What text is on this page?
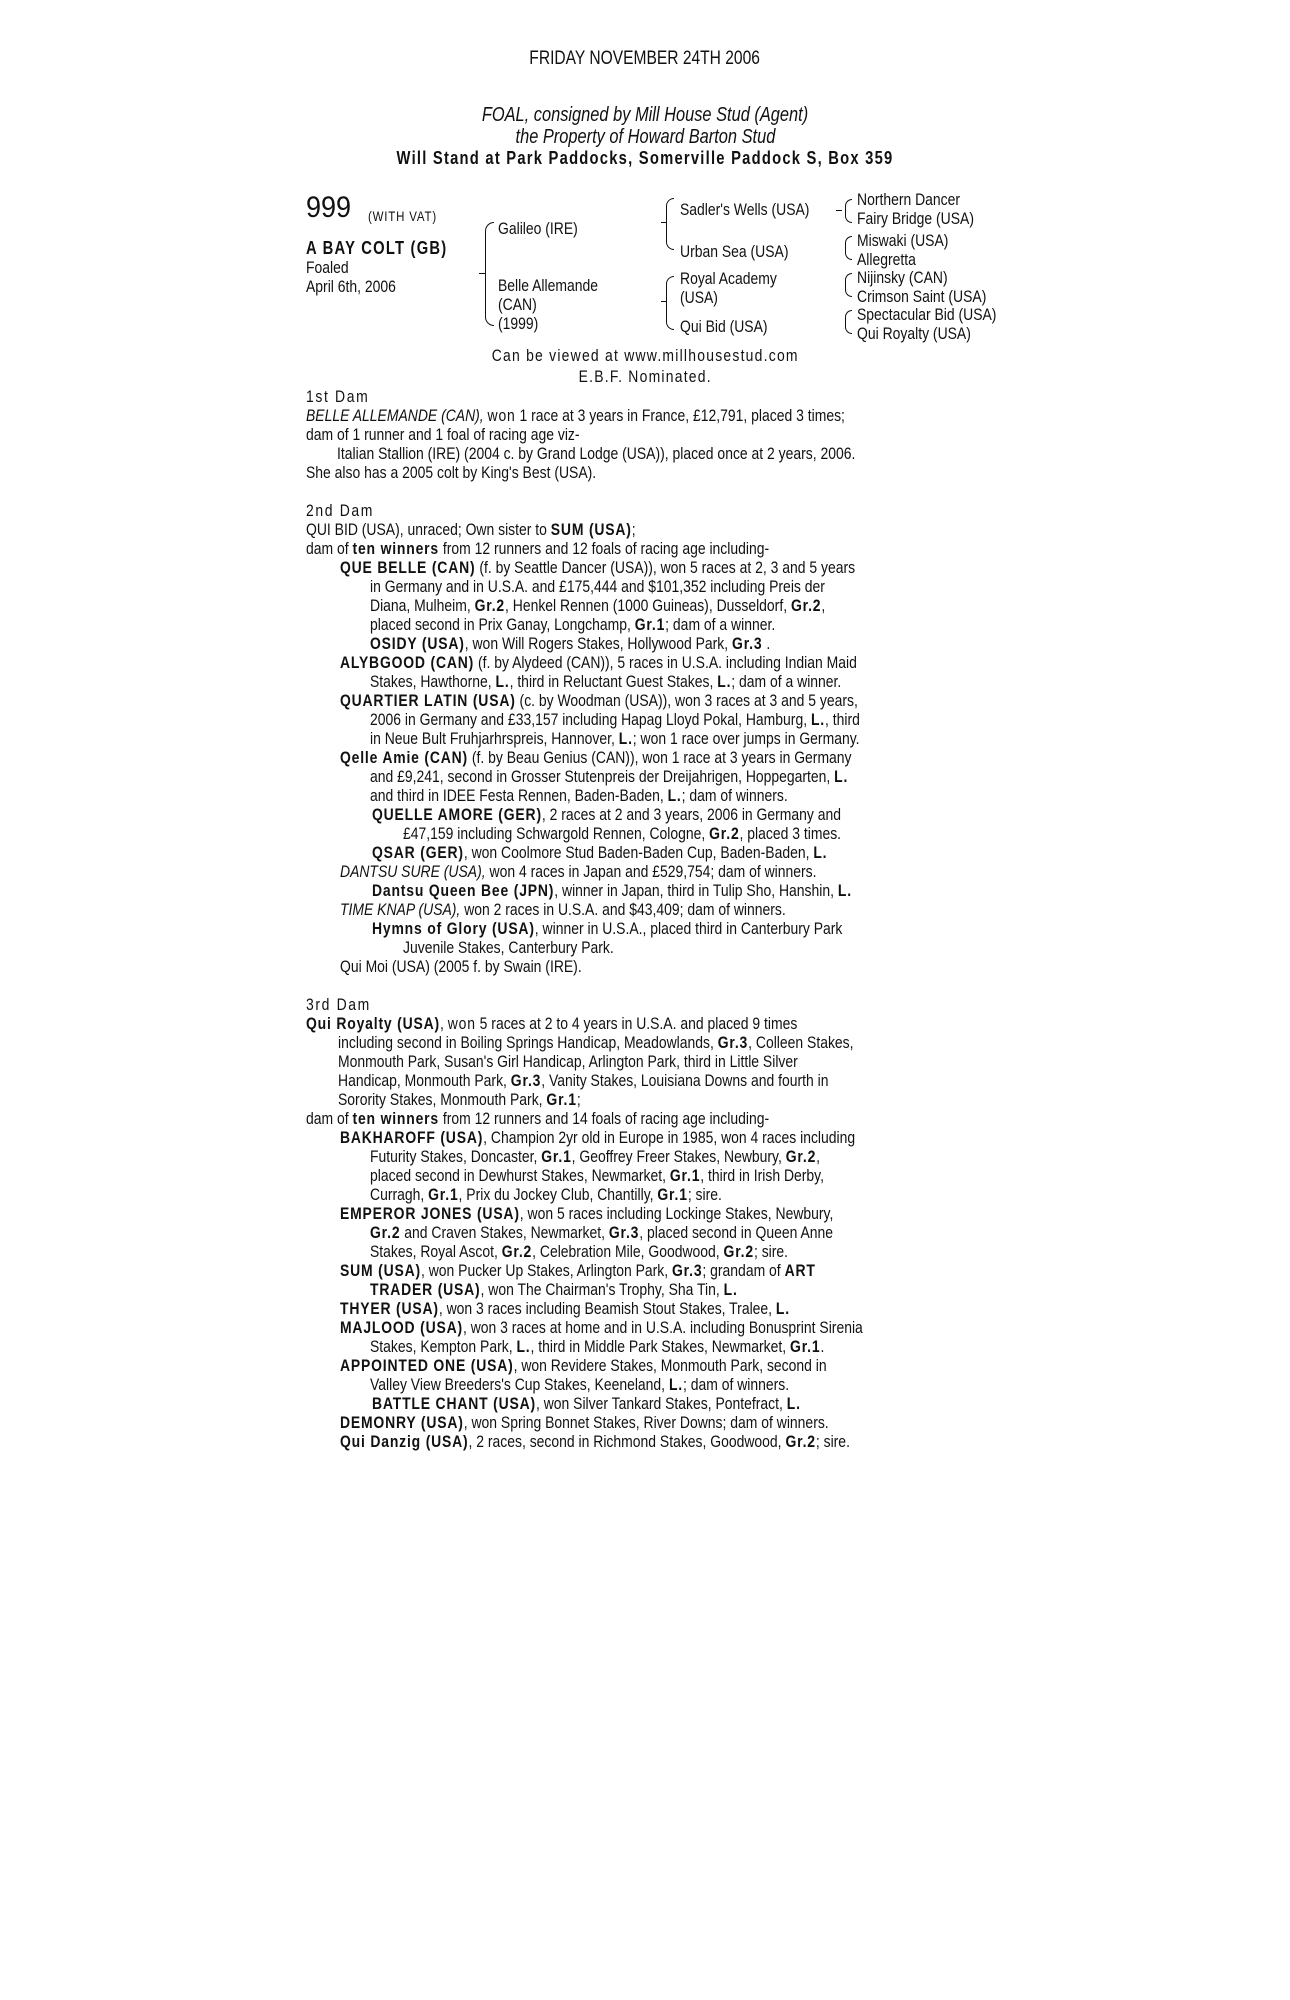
FRIDAY NOVEMBER 24TH 2006
FOAL, consigned by Mill House Stud (Agent)
the Property of Howard Barton Stud
Will Stand at Park Paddocks, Somerville Paddock S, Box 359
999	(WITH VAT)
A BAY COLT (GB)
Foaled
April 6th, 2006
Galileo (IRE)
Belle Allemande
(CAN)
(1999)
Sadler's Wells (USA)
Urban Sea (USA)
Royal Academy
(USA)
Qui Bid (USA)
Northern Dancer
Fairy Bridge (USA)
Miswaki (USA)
Allegretta
Nijinsky (CAN)
Crimson Saint (USA)
Spectacular Bid (USA)
Qui Royalty (USA)
Can be viewed at www.millhousestud.com
E.B.F. Nominated.
1st Dam
BELLE ALLEMANDE (CAN), won 1 race at 3 years in France, £12,791, placed 3 times;
dam of 1 runner and 1 foal of racing age viz-
Italian Stallion (IRE) (2004 c. by Grand Lodge (USA)), placed once at 2 years, 2006.
She also has a 2005 colt by King's Best (USA).
2nd Dam
QUI BID (USA), unraced; Own sister to SUM (USA);
dam of ten winners from 12 runners and 12 foals of racing age including-
QUE BELLE (CAN) (f. by Seattle Dancer (USA)), won 5 races at 2, 3 and 5 years
in Germany and in U.S.A. and £175,444 and $101,352 including Preis der
Diana, Mulheim, Gr.2, Henkel Rennen (1000 Guineas), Dusseldorf, Gr.2,
placed second in Prix Ganay, Longchamp, Gr.1; dam of a winner.
OSIDY (USA), won Will Rogers Stakes, Hollywood Park, Gr.3 .
ALYBGOOD (CAN) (f. by Alydeed (CAN)), 5 races in U.S.A. including Indian Maid
Stakes, Hawthorne, L., third in Reluctant Guest Stakes, L.; dam of a winner.
QUARTIER LATIN (USA) (c. by Woodman (USA)), won 3 races at 3 and 5 years,
2006 in Germany and £33,157 including Hapag Lloyd Pokal, Hamburg, L., third
in Neue Bult Fruhjarhrspreis, Hannover, L.; won 1 race over jumps in Germany.
Qelle Amie (CAN) (f. by Beau Genius (CAN)), won 1 race at 3 years in Germany
and £9,241, second in Grosser Stutenpreis der Dreijahrigen, Hoppegarten, L.
and third in IDEE Festa Rennen, Baden-Baden, L.; dam of winners.
QUELLE AMORE (GER), 2 races at 2 and 3 years, 2006 in Germany and
£47,159 including Schwargold Rennen, Cologne, Gr.2, placed 3 times.
QSAR (GER), won Coolmore Stud Baden-Baden Cup, Baden-Baden, L.
DANTSU SURE (USA), won 4 races in Japan and £529,754; dam of winners.
Dantsu Queen Bee (JPN), winner in Japan, third in Tulip Sho, Hanshin, L.
TIME KNAP (USA), won 2 races in U.S.A. and $43,409; dam of winners.
Hymns of Glory (USA), winner in U.S.A., placed third in Canterbury Park
Juvenile Stakes, Canterbury Park.
Qui Moi (USA) (2005 f. by Swain (IRE).
3rd Dam
Qui Royalty (USA), won 5 races at 2 to 4 years in U.S.A. and placed 9 times
including second in Boiling Springs Handicap, Meadowlands, Gr.3, Colleen Stakes,
Monmouth Park, Susan's Girl Handicap, Arlington Park, third in Little Silver
Handicap, Monmouth Park, Gr.3, Vanity Stakes, Louisiana Downs and fourth in
Sorority Stakes, Monmouth Park, Gr.1;
dam of ten winners from 12 runners and 14 foals of racing age including-
BAKHAROFF (USA), Champion 2yr old in Europe in 1985, won 4 races including
Futurity Stakes, Doncaster, Gr.1, Geoffrey Freer Stakes, Newbury, Gr.2,
placed second in Dewhurst Stakes, Newmarket, Gr.1, third in Irish Derby,
Curragh, Gr.1, Prix du Jockey Club, Chantilly, Gr.1; sire.
EMPEROR JONES (USA), won 5 races including Lockinge Stakes, Newbury,
Gr.2 and Craven Stakes, Newmarket, Gr.3, placed second in Queen Anne
Stakes, Royal Ascot, Gr.2, Celebration Mile, Goodwood, Gr.2; sire.
SUM (USA), won Pucker Up Stakes, Arlington Park, Gr.3; grandam of ART
TRADER (USA), won The Chairman's Trophy, Sha Tin, L.
THYER (USA), won 3 races including Beamish Stout Stakes, Tralee, L.
MAJLOOD (USA), won 3 races at home and in U.S.A. including Bonusprint Sirenia
Stakes, Kempton Park, L., third in Middle Park Stakes, Newmarket, Gr.1.
APPOINTED ONE (USA), won Revidere Stakes, Monmouth Park, second in
Valley View Breeders's Cup Stakes, Keeneland, L.; dam of winners.
BATTLE CHANT (USA), won Silver Tankard Stakes, Pontefract, L.
DEMONRY (USA), won Spring Bonnet Stakes, River Downs; dam of winners.
Qui Danzig (USA), 2 races, second in Richmond Stakes, Goodwood, Gr.2; sire.
